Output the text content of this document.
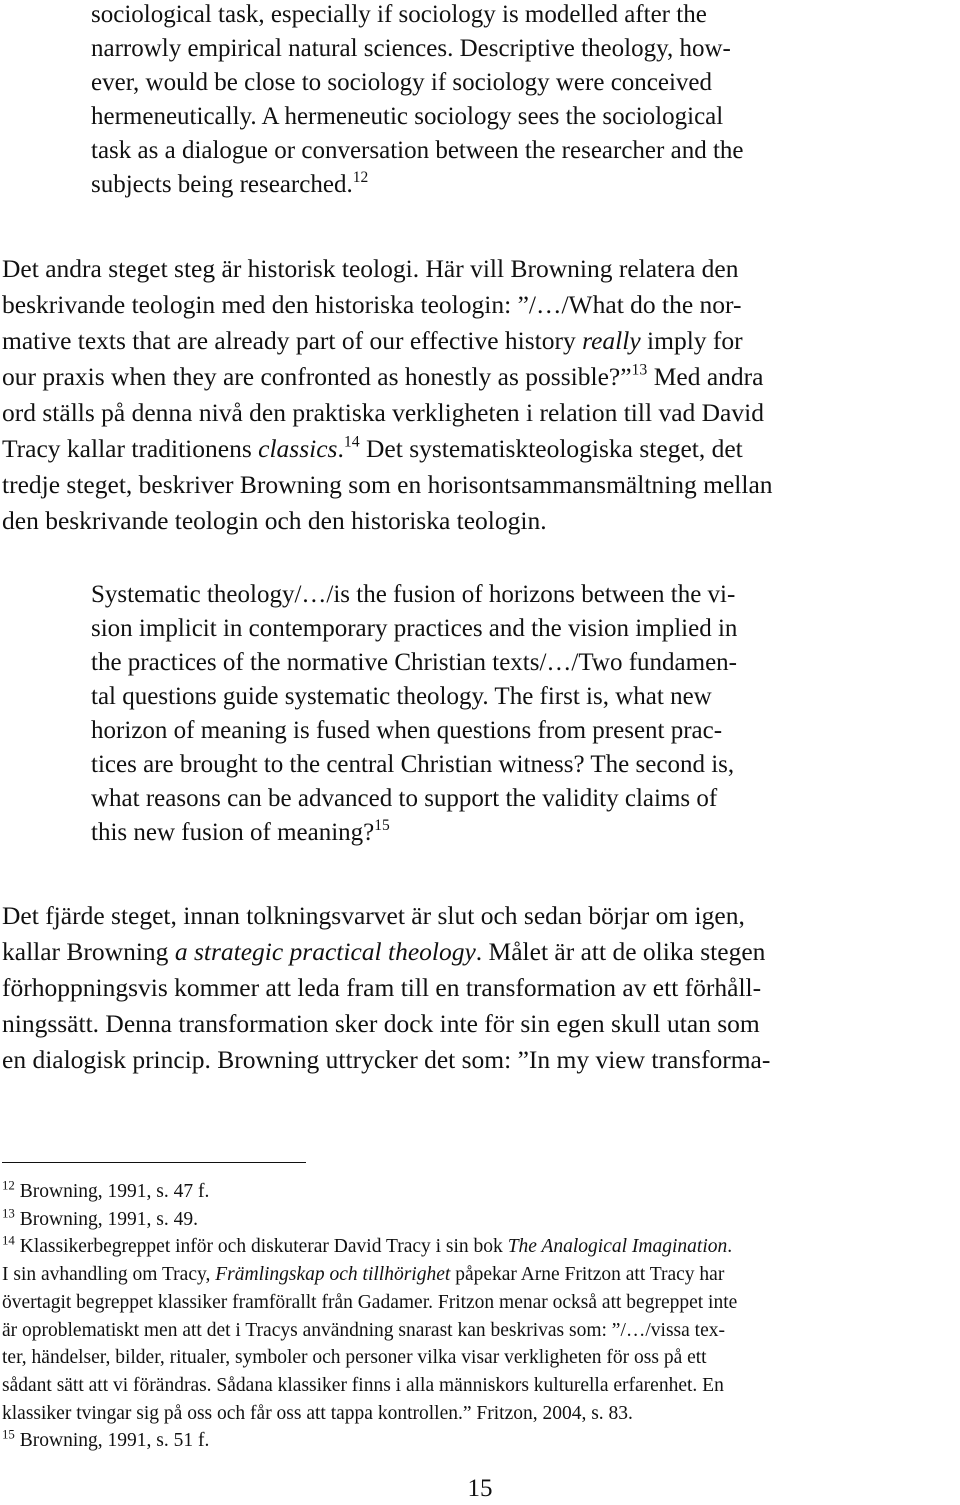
sociological task, especially if sociology is modelled after the
narrowly empirical natural sciences. Descriptive theology, how-
ever, would be close to sociology if sociology were conceived
hermeneutically. A hermeneutic sociology sees the sociological
task as a dialogue or conversation between the researcher and the
subjects being researched.$^{12}$
Det andra steget steg är historisk teologi. Här vill Browning relatera den
beskrivande teologin med den historiska teologin: ”/…/What do the nor-
mative texts that are already part of our effective history really imply for
our praxis when they are confronted as honestly as possible?”$^{13}$ Med andra
ord ställs på denna nivå den praktiska verkligheten i relation till vad David
Tracy kallar traditionens classics.$^{14}$ Det systematiskteologiska steget, det
tredje steget, beskriver Browning som en horisontsammansmältning mellan
den beskrivande teologin och den historiska teologin.
Systematic theology/…/is the fusion of horizons between the vi-
sion implicit in contemporary practices and the vision implied in
the practices of the normative Christian texts/…/Two fundamen-
tal questions guide systematic theology. The first is, what new
horizon of meaning is fused when questions from present prac-
tices are brought to the central Christian witness? The second is,
what reasons can be advanced to support the validity claims of
this new fusion of meaning?$^{15}$
Det fjärde steget, innan tolkningsvarvet är slut och sedan börjar om igen,
kallar Browning a strategic practical theology. Målet är att de olika stegen
förhoppningsvis kommer att leda fram till en transformation av ett förhåll-
ningssätt. Denna transformation sker dock inte för sin egen skull utan som
en dialogisk princip. Browning uttrycker det som: ”In my view transforma-
$^{12}$ Browning, 1991, s. 47 f.
$^{13}$ Browning, 1991, s. 49.
$^{14}$ Klassikerbegreppet inför och diskuterar David Tracy i sin bok The Analogical Imagination.
I sin avhandling om Tracy, Främlingskap och tillhörighet påpekar Arne Fritzon att Tracy har
övertagit begreppet klassiker framförallt från Gadamer. Fritzon menar också att begreppet inte
är oproblematiskt men att det i Tracys användning snarast kan beskrivas som: ”/…/vissa tex-
ter, händelser, bilder, ritualer, symboler och personer vilka visar verkligheten för oss på ett
sådant sätt att vi förändras. Sådana klassiker finns i alla människors kulturella erfarenhet. En
klassiker tvingar sig på oss och får oss att tappa kontrollen.” Fritzon, 2004, s. 83.
$^{15}$ Browning, 1991, s. 51 f.
15
